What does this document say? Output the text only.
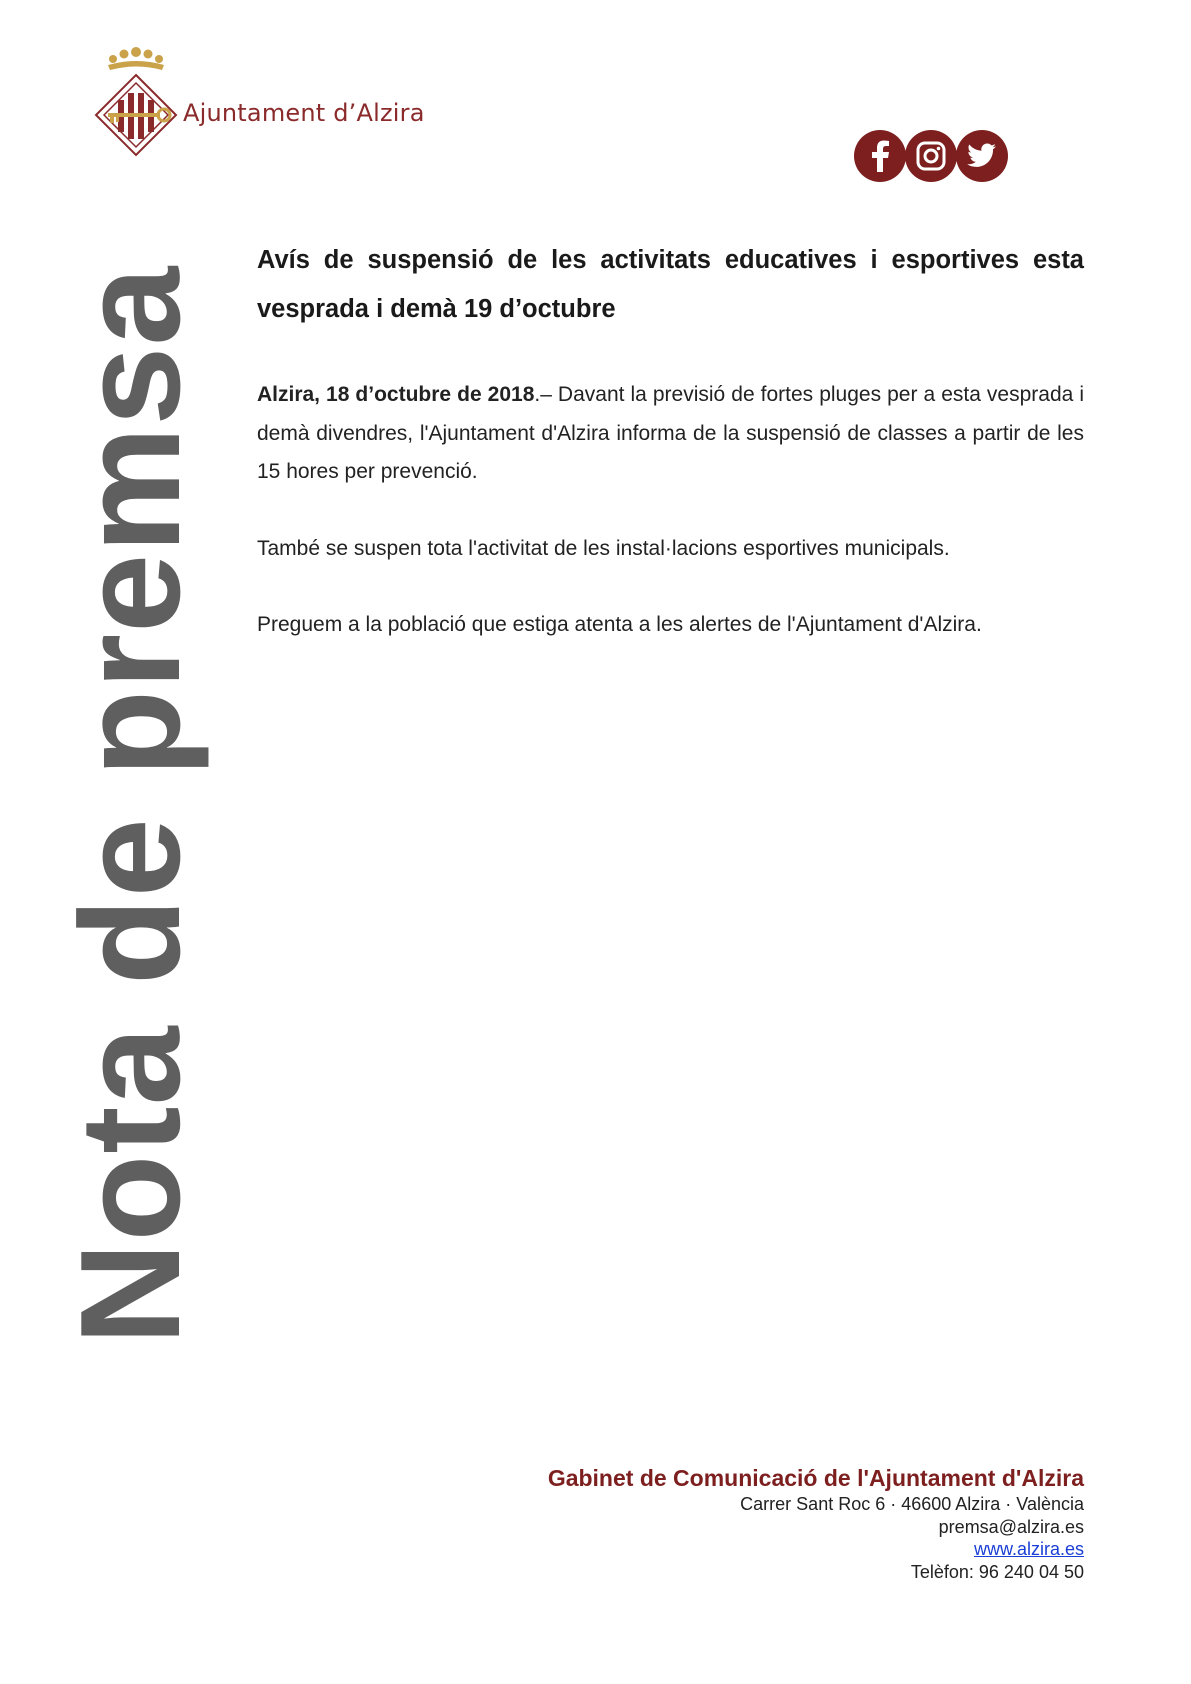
Ajuntament d’Alzira
Nota de premsa
Avís de suspensió de les activitats educatives i esportives esta vesprada i demà 19 d’octubre

Alzira, 18 d’octubre de 2018.– Davant la previsió de fortes pluges per a esta vesprada i demà divendres, l'Ajuntament d'Alzira informa de la suspensió de classes a partir de les 15 hores per prevenció.

També se suspen tota l'activitat de les instal·lacions esportives municipals.

Preguem a la població que estiga atenta a les alertes de l'Ajuntament d'Alzira.

Gabinet de Comunicació de l'Ajuntament d'Alzira
Carrer Sant Roc 6 · 46600 Alzira · València
premsa@alzira.es
www.alzira.es
Telèfon: 96 240 04 50
